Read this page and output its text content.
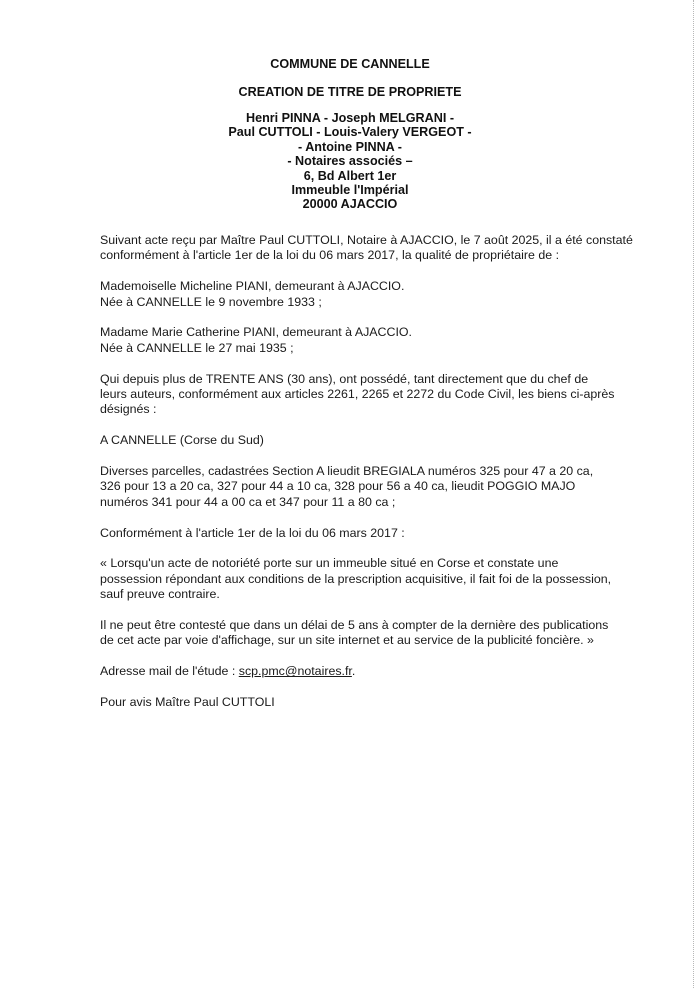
COMMUNE DE CANNELLE
CREATION DE TITRE DE PROPRIETE
Henri PINNA - Joseph MELGRANI -
Paul CUTTOLI - Louis-Valery VERGEOT -
- Antoine PINNA -
- Notaires associés –
6, Bd Albert 1er
Immeuble l'Impérial
20000 AJACCIO

Suivant acte reçu par Maître Paul CUTTOLI, Notaire à AJACCIO, le 7 août 2025, il a été constaté
conformément à l'article 1er de la loi du 06 mars 2017, la qualité de propriétaire de :

Mademoiselle Micheline PIANI, demeurant à AJACCIO.
Née à CANNELLE le 9 novembre 1933 ;

Madame Marie Catherine PIANI, demeurant à AJACCIO.
Née à CANNELLE le 27 mai 1935 ;

Qui depuis plus de TRENTE ANS (30 ans), ont possédé, tant directement que du chef de
leurs auteurs, conformément aux articles 2261, 2265 et 2272 du Code Civil, les biens ci-après
désignés :

A CANNELLE (Corse du Sud)

Diverses parcelles, cadastrées Section A lieudit BREGIALA numéros 325 pour 47 a 20 ca,
326 pour 13 a 20 ca, 327 pour 44 a 10 ca, 328 pour 56 a 40 ca, lieudit POGGIO MAJO
numéros 341 pour 44 a 00 ca et 347 pour 11 a 80 ca ;

Conformément à l'article 1er de la loi du 06 mars 2017 :

« Lorsqu'un acte de notoriété porte sur un immeuble situé en Corse et constate une
possession répondant aux conditions de la prescription acquisitive, il fait foi de la possession,
sauf preuve contraire.

Il ne peut être contesté que dans un délai de 5 ans à compter de la dernière des publications
de cet acte par voie d'affichage, sur un site internet et au service de la publicité foncière. »

Adresse mail de l'étude : scp.pmc@notaires.fr.

Pour avis Maître Paul CUTTOLI
